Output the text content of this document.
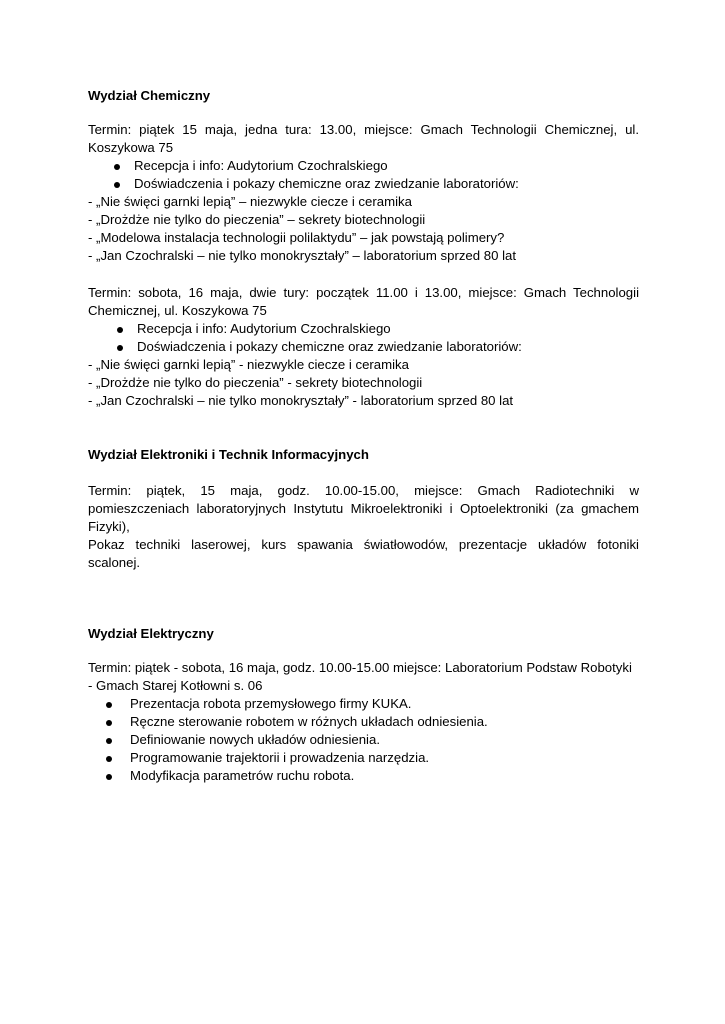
Wydział Chemiczny
Termin: piątek 15 maja, jedna tura: 13.00, miejsce: Gmach Technologii Chemicznej, ul.
Koszykowa 75
Recepcja i info: Audytorium Czochralskiego
Doświadczenia i pokazy chemiczne oraz zwiedzanie laboratoriów:
- „Nie święci garnki lepią” – niezwykle ciecze i ceramika
- „Drożdże nie tylko do pieczenia” – sekrety biotechnologii
- „Modelowa instalacja technologii polilaktydu” – jak powstają polimery?
- „Jan Czochralski – nie tylko monokryształy” – laboratorium sprzed 80 lat
Termin: sobota, 16 maja, dwie tury: początek 11.00 i 13.00, miejsce: Gmach Technologii
Chemicznej, ul. Koszykowa 75
Recepcja i info: Audytorium Czochralskiego
Doświadczenia i pokazy chemiczne oraz zwiedzanie laboratoriów:
- „Nie święci garnki lepią” - niezwykle ciecze i ceramika
- „Drożdże nie tylko do pieczenia” - sekrety biotechnologii
- „Jan Czochralski – nie tylko monokryształy” - laboratorium sprzed 80 lat
Wydział Elektroniki i Technik Informacyjnych
Termin: piątek, 15 maja, godz. 10.00-15.00, miejsce: Gmach Radiotechniki w
pomieszczeniach laboratoryjnych Instytutu Mikroelektroniki i Optoelektroniki (za gmachem
Fizyki),
Pokaz techniki laserowej, kurs spawania światłowodów, prezentacje układów fotoniki
scalonej.
Wydział Elektryczny
Termin: piątek - sobota, 16 maja, godz. 10.00-15.00 miejsce: Laboratorium Podstaw Robotyki
- Gmach Starej Kotłowni s. 06
Prezentacja robota przemysłowego firmy KUKA.
Ręczne sterowanie robotem w różnych układach odniesienia.
Definiowanie nowych układów odniesienia.
Programowanie trajektorii i prowadzenia narzędzia.
Modyfikacja parametrów ruchu robota.
